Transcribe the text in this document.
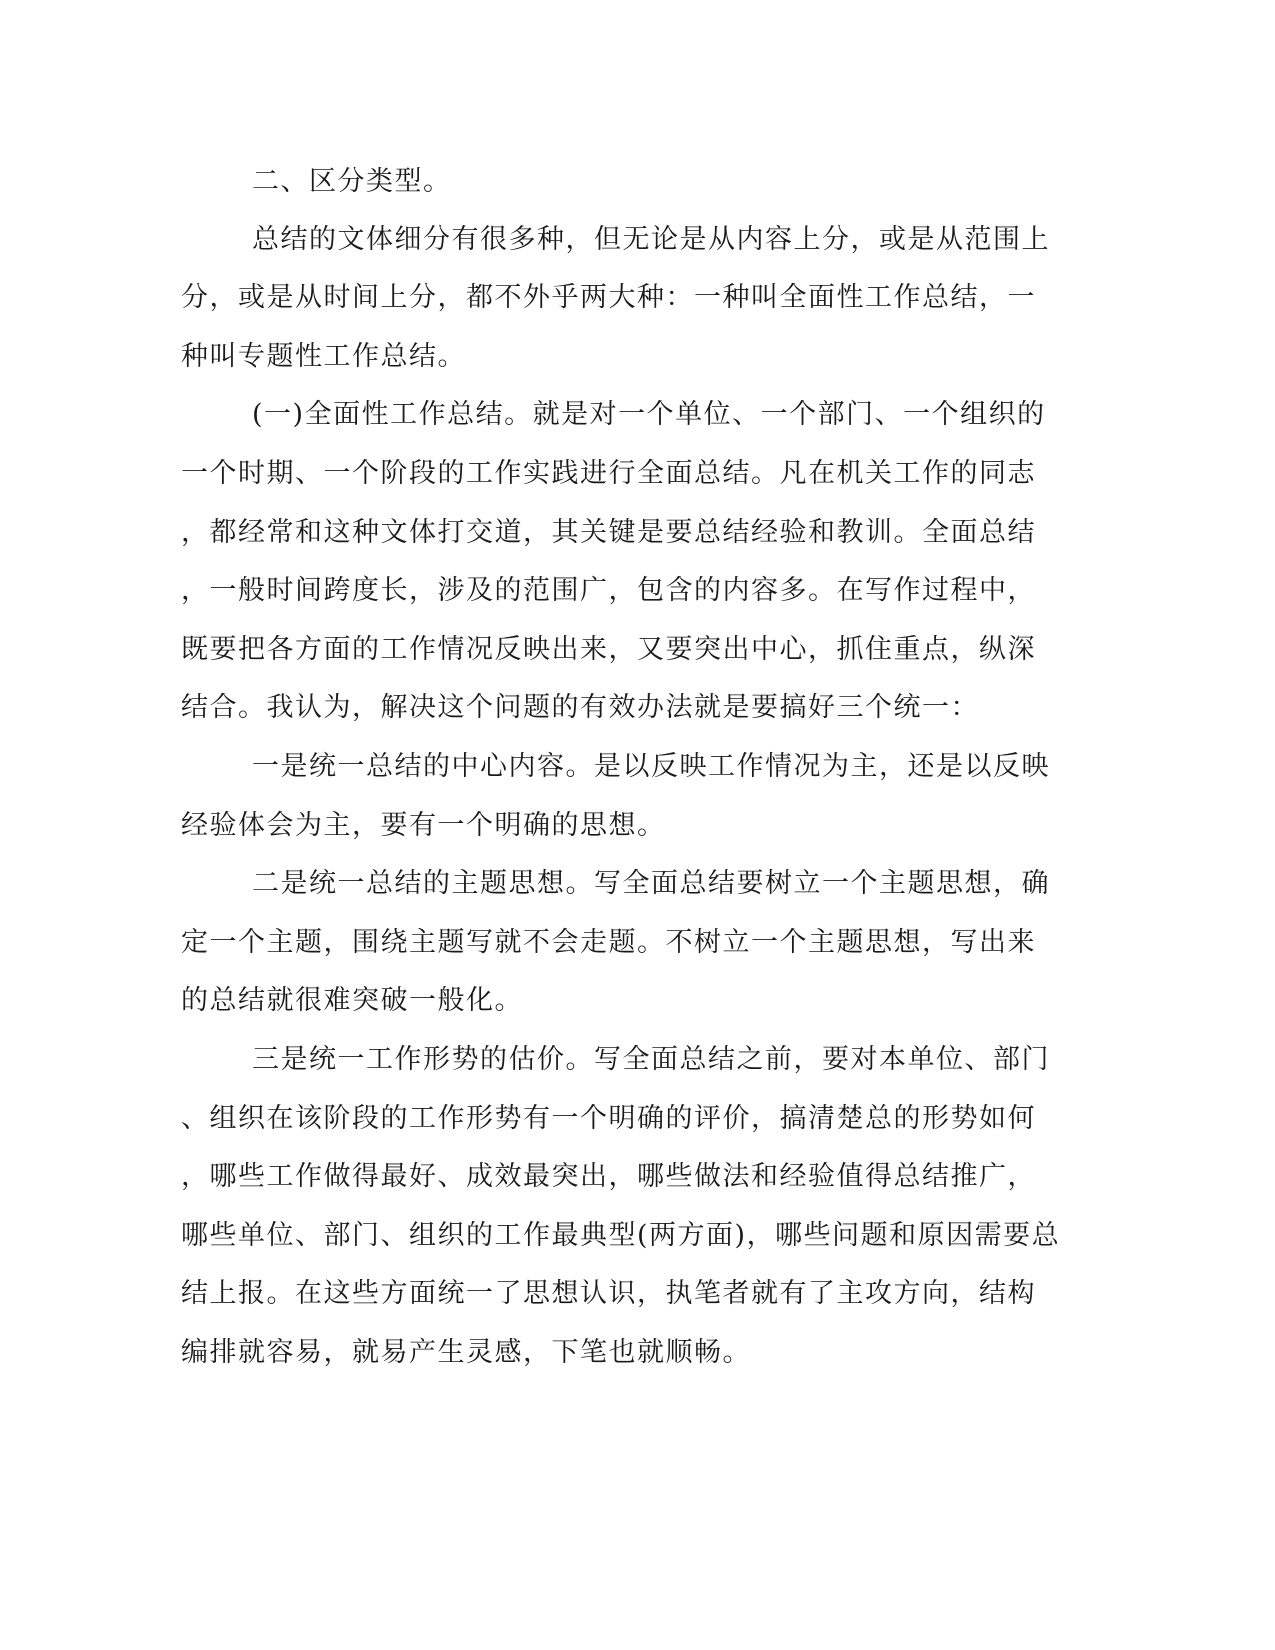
二、区分类型。

总结的文体细分有很多种，但无论是从内容上分，或是从范围上

分，或是从时间上分，都不外乎两大种：一种叫全面性工作总结，一

种叫专题性工作总结。

(一)全面性工作总结。就是对一个单位、一个部门、一个组织的

一个时期、一个阶段的工作实践进行全面总结。凡在机关工作的同志

，都经常和这种文体打交道，其关键是要总结经验和教训。全面总结

，一般时间跨度长，涉及的范围广，包含的内容多。在写作过程中，

既要把各方面的工作情况反映出来，又要突出中心，抓住重点，纵深

结合。我认为，解决这个问题的有效办法就是要搞好三个统一：

一是统一总结的中心内容。是以反映工作情况为主，还是以反映

经验体会为主，要有一个明确的思想。

二是统一总结的主题思想。写全面总结要树立一个主题思想，确

定一个主题，围绕主题写就不会走题。不树立一个主题思想，写出来

的总结就很难突破一般化。

三是统一工作形势的估价。写全面总结之前，要对本单位、部门

、组织在该阶段的工作形势有一个明确的评价，搞清楚总的形势如何

，哪些工作做得最好、成效最突出，哪些做法和经验值得总结推广，

哪些单位、部门、组织的工作最典型(两方面)，哪些问题和原因需要总

结上报。在这些方面统一了思想认识，执笔者就有了主攻方向，结构

编排就容易，就易产生灵感，下笔也就顺畅。
